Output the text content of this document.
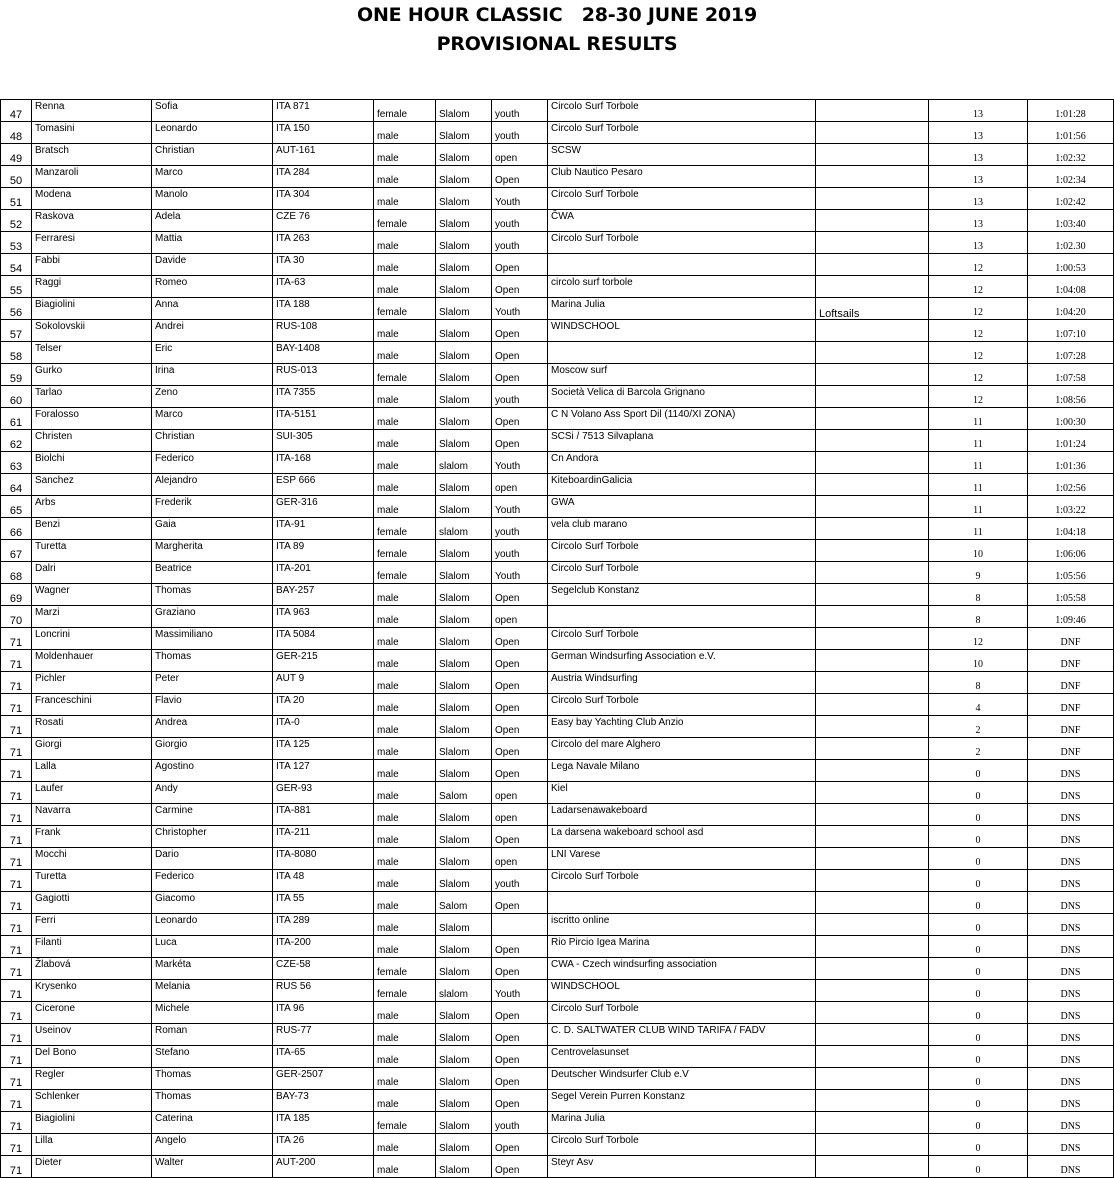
ONE HOUR CLASSIC   28-30 JUNE 2019
PROVISIONAL RESULTS
47	Renna	Sofia	ITA 871	female	Slalom	youth	Circolo Surf Torbole		13	1:01:28
48	Tomasini	Leonardo	ITA 150	male	Slalom	youth	Circolo Surf Torbole		13	1:01:56
49	Bratsch	Christian	AUT-161	male	Slalom	open	SCSW		13	1:02:32
50	Manzaroli	Marco	ITA 284	male	Slalom	Open	Club Nautico Pesaro		13	1:02:34
51	Modena	Manolo	ITA 304	male	Slalom	Youth	Circolo Surf Torbole		13	1:02:42
52	Raskova	Adela	CZE 76	female	Slalom	youth	ČWA		13	1:03:40
53	Ferraresi	Mattia	ITA 263	male	Slalom	youth	Circolo Surf Torbole		13	1:02.30
54	Fabbi	Davide	ITA 30	male	Slalom	Open			12	1:00:53
55	Raggi	Romeo	ITA-63	male	Slalom	Open	circolo surf torbole		12	1:04:08
56	Biagiolini	Anna	ITA 188	female	Slalom	Youth	Marina Julia	Loftsails	12	1:04:20
57	Sokolovskii	Andrei	RUS-108	male	Slalom	Open	WINDSCHOOL		12	1:07:10
58	Telser	Eric	BAY-1408	male	Slalom	Open			12	1:07:28
59	Gurko	Irina	RUS-013	female	Slalom	Open	Moscow surf		12	1:07:58
60	Tarlao	Zeno	ITA 7355	male	Slalom	youth	Società Velica di Barcola Grignano		12	1:08:56
61	Foralosso	Marco	ITA-5151	male	Slalom	Open	C N Volano Ass Sport Dil (1140/XI ZONA)		11	1:00:30
62	Christen	Christian	SUI-305	male	Slalom	Open	SCSi / 7513 Silvaplana		11	1:01:24
63	Biolchi	Federico	ITA-168	male	slalom	Youth	Cn Andora		11	1:01:36
64	Sanchez	Alejandro	ESP 666	male	Slalom	open	KiteboardinGalicia		11	1:02:56
65	Arbs	Frederik	GER-316	male	Slalom	Youth	GWA		11	1:03:22
66	Benzi	Gaia	ITA-91	female	slalom	youth	vela club marano		11	1:04:18
67	Turetta	Margherita	ITA 89	female	Slalom	youth	Circolo Surf Torbole		10	1:06:06
68	Dalri	Beatrice	ITA-201	female	Slalom	Youth	Circolo Surf Torbole		9	1:05:56
69	Wagner	Thomas	BAY-257	male	Slalom	Open	Segelclub Konstanz		8	1:05:58
70	Marzi	Graziano	ITA 963	male	Slalom	open			8	1:09:46
71	Loncrini	Massimiliano	ITA 5084	male	Slalom	Open	Circolo Surf Torbole		12	DNF
71	Moldenhauer	Thomas	GER-215	male	Slalom	Open	German Windsurfing Association e.V.		10	DNF
71	Pichler	Peter	AUT 9	male	Slalom	Open	Austria Windsurfing		8	DNF
71	Franceschini	Flavio	ITA 20	male	Slalom	Open	Circolo Surf Torbole		4	DNF
71	Rosati	Andrea	ITA-0	male	Slalom	Open	Easy bay Yachting Club Anzio		2	DNF
71	Giorgi	Giorgio	ITA 125	male	Slalom	Open	Circolo del mare Alghero		2	DNF
71	Lalla	Agostino	ITA 127	male	Slalom	Open	Lega Navale Milano		0	DNS
71	Laufer	Andy	GER-93	male	Salom	open	Kiel		0	DNS
71	Navarra	Carmine	ITA-881	male	Slalom	open	Ladarsenawakeboard		0	DNS
71	Frank	Christopher	ITA-211	male	Slalom	Open	La darsena wakeboard school asd		0	DNS
71	Mocchi	Dario	ITA-8080	male	Slalom	open	LNI Varese		0	DNS
71	Turetta	Federico	ITA 48	male	Slalom	youth	Circolo Surf Torbole		0	DNS
71	Gagiotti	Giacomo	ITA 55	male	Salom	Open			0	DNS
71	Ferri	Leonardo	ITA 289	male	Slalom		iscritto online		0	DNS
71	Filanti	Luca	ITA-200	male	Slalom	Open	Rio Pircio Igea Marina		0	DNS
71	Žlabová	Markéta	CZE-58	female	Slalom	Open	CWA - Czech windsurfing association		0	DNS
71	Krysenko	Melania	RUS 56	female	slalom	Youth	WINDSCHOOL		0	DNS
71	Cicerone	Michele	ITA 96	male	Slalom	Open	Circolo Surf Torbole		0	DNS
71	Useinov	Roman	RUS-77	male	Slalom	Open	C. D. SALTWATER CLUB WIND TARIFA / FADV		0	DNS
71	Del Bono	Stefano	ITA-65	male	Slalom	Open	Centrovelasunset		0	DNS
71	Regler	Thomas	GER-2507	male	Slalom	Open	Deutscher Windsurfer Club e.V		0	DNS
71	Schlenker	Thomas	BAY-73	male	Slalom	Open	Segel Verein Purren Konstanz		0	DNS
71	Biagiolini	Caterina	ITA 185	female	Slalom	youth	Marina Julia		0	DNS
71	Lilla	Angelo	ITA 26	male	Slalom	Open	Circolo Surf Torbole		0	DNS
71	Dieter	Walter	AUT-200	male	Slalom	Open	Steyr Asv		0	DNS
